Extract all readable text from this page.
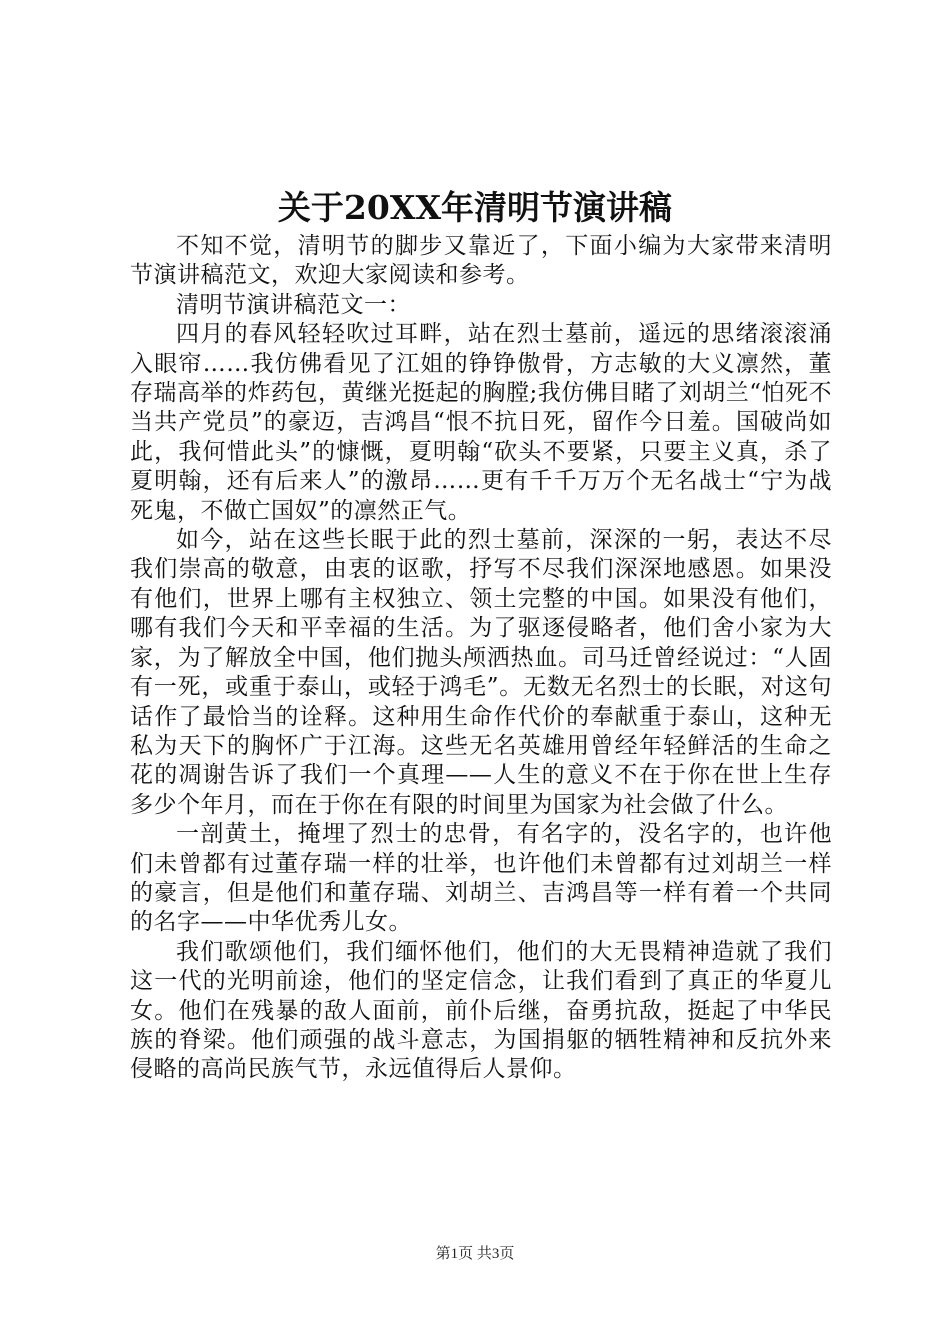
关于20XX年清明节演讲稿

不知不觉，清明节的脚步又靠近了，下面小编为大家带来清明节演讲稿范文，欢迎大家阅读和参考。

清明节演讲稿范文一：

四月的春风轻轻吹过耳畔，站在烈士墓前，遥远的思绪滚滚涌入眼帘……我仿佛看见了江姐的铮铮傲骨，方志敏的大义凛然，董存瑞高举的炸药包，黄继光挺起的胸膛;我仿佛目睹了刘胡兰“怕死不当共产党员”的豪迈，吉鸿昌“恨不抗日死，留作今日羞。国破尚如此，我何惜此头”的慷慨，夏明翰“砍头不要紧，只要主义真，杀了夏明翰，还有后来人”的激昂……更有千千万万个无名战士“宁为战死鬼，不做亡国奴”的凛然正气。

如今，站在这些长眠于此的烈士墓前，深深的一躬，表达不尽我们崇高的敬意，由衷的讴歌，抒写不尽我们深深地感恩。如果没有他们，世界上哪有主权独立、领土完整的中国。如果没有他们，哪有我们今天和平幸福的生活。为了驱逐侵略者，他们舍小家为大家，为了解放全中国，他们抛头颅洒热血。司马迁曾经说过：“人固有一死，或重于泰山，或轻于鸿毛”。无数无名烈士的长眠，对这句话作了最恰当的诠释。这种用生命作代价的奉献重于泰山，这种无私为天下的胸怀广于江海。这些无名英雄用曾经年轻鲜活的生命之花的凋谢告诉了我们一个真理——人生的意义不在于你在世上生存多少个年月，而在于你在有限的时间里为国家为社会做了什么。

一剖黄土，掩埋了烈士的忠骨，有名字的，没名字的，也许他们未曾都有过董存瑞一样的壮举，也许他们未曾都有过刘胡兰一样的豪言，但是他们和董存瑞、刘胡兰、吉鸿昌等一样有着一个共同的名字——中华优秀儿女。

我们歌颂他们，我们缅怀他们，他们的大无畏精神造就了我们这一代的光明前途，他们的坚定信念，让我们看到了真正的华夏儿女。他们在残暴的敌人面前，前仆后继，奋勇抗敌，挺起了中华民族的脊梁。他们顽强的战斗意志，为国捐躯的牺牲精神和反抗外来侵略的高尚民族气节，永远值得后人景仰。

第1页 共3页
